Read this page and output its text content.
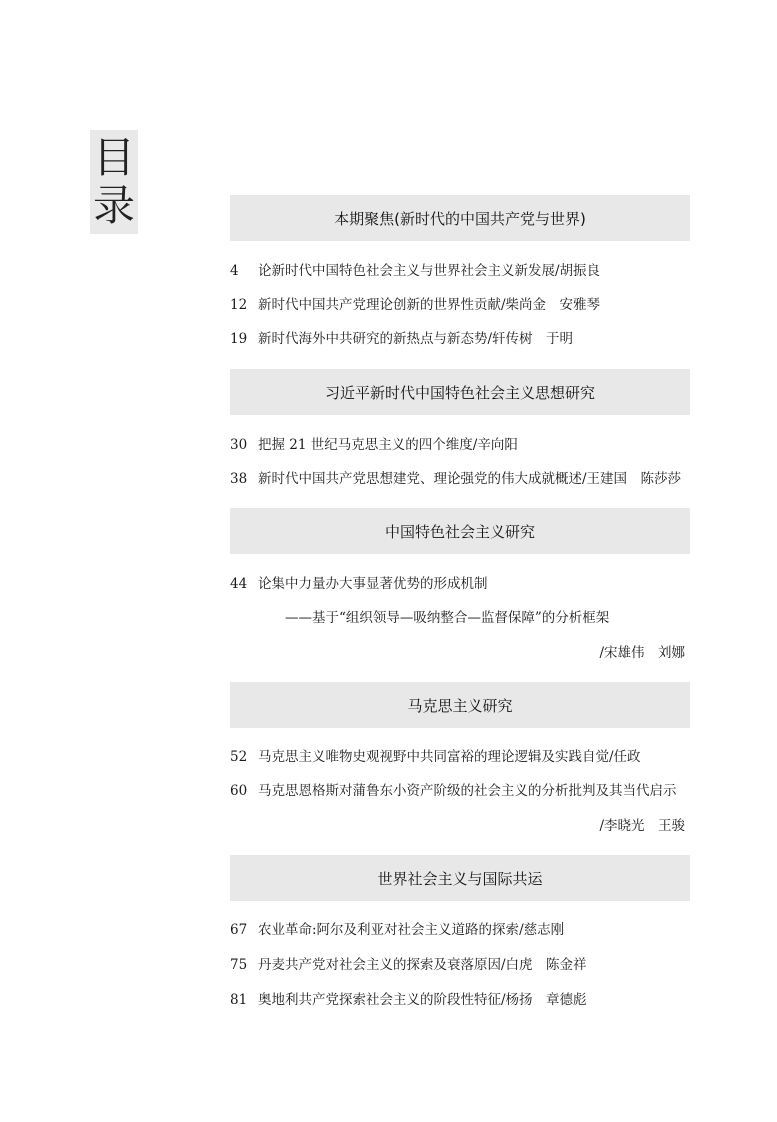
目
录	本期聚焦(新时代的中国共产党与世界)
4	论新时代中国特色社会主义与世界社会主义新发展 /胡振良
12 新时代中国共产党理论创新的世界性贡献 /柴尚金　安雅琴
19 新时代海外中共研究的新热点与新态势 /轩传树　于明
习近平新时代中国特色社会主义思想研究
30 把握 21 世纪马克思主义的四个维度 /辛向阳
38 新时代中国共产党思想建党、理论强党的伟大成就概述 /王建国　陈莎莎
中国特色社会主义研究
44 论集中力量办大事显著优势的形成机制
——基于“组织领导—吸纳整合—监督保障”的分析框架
/宋雄伟　刘娜
马克思主义研究
52 马克思主义唯物史观视野中共同富裕的理论逻辑及实践自觉 /任政
60 马克思恩格斯对蒲鲁东小资产阶级的社会主义的分析批判及其当代启示
/李晓光　王骏
世界社会主义与国际共运
67 农业革命:阿尔及利亚对社会主义道路的探索 /慈志刚
75 丹麦共产党对社会主义的探索及衰落原因 /白虎　陈金祥
81 奥地利共产党探索社会主义的阶段性特征 /杨扬　章德彪
